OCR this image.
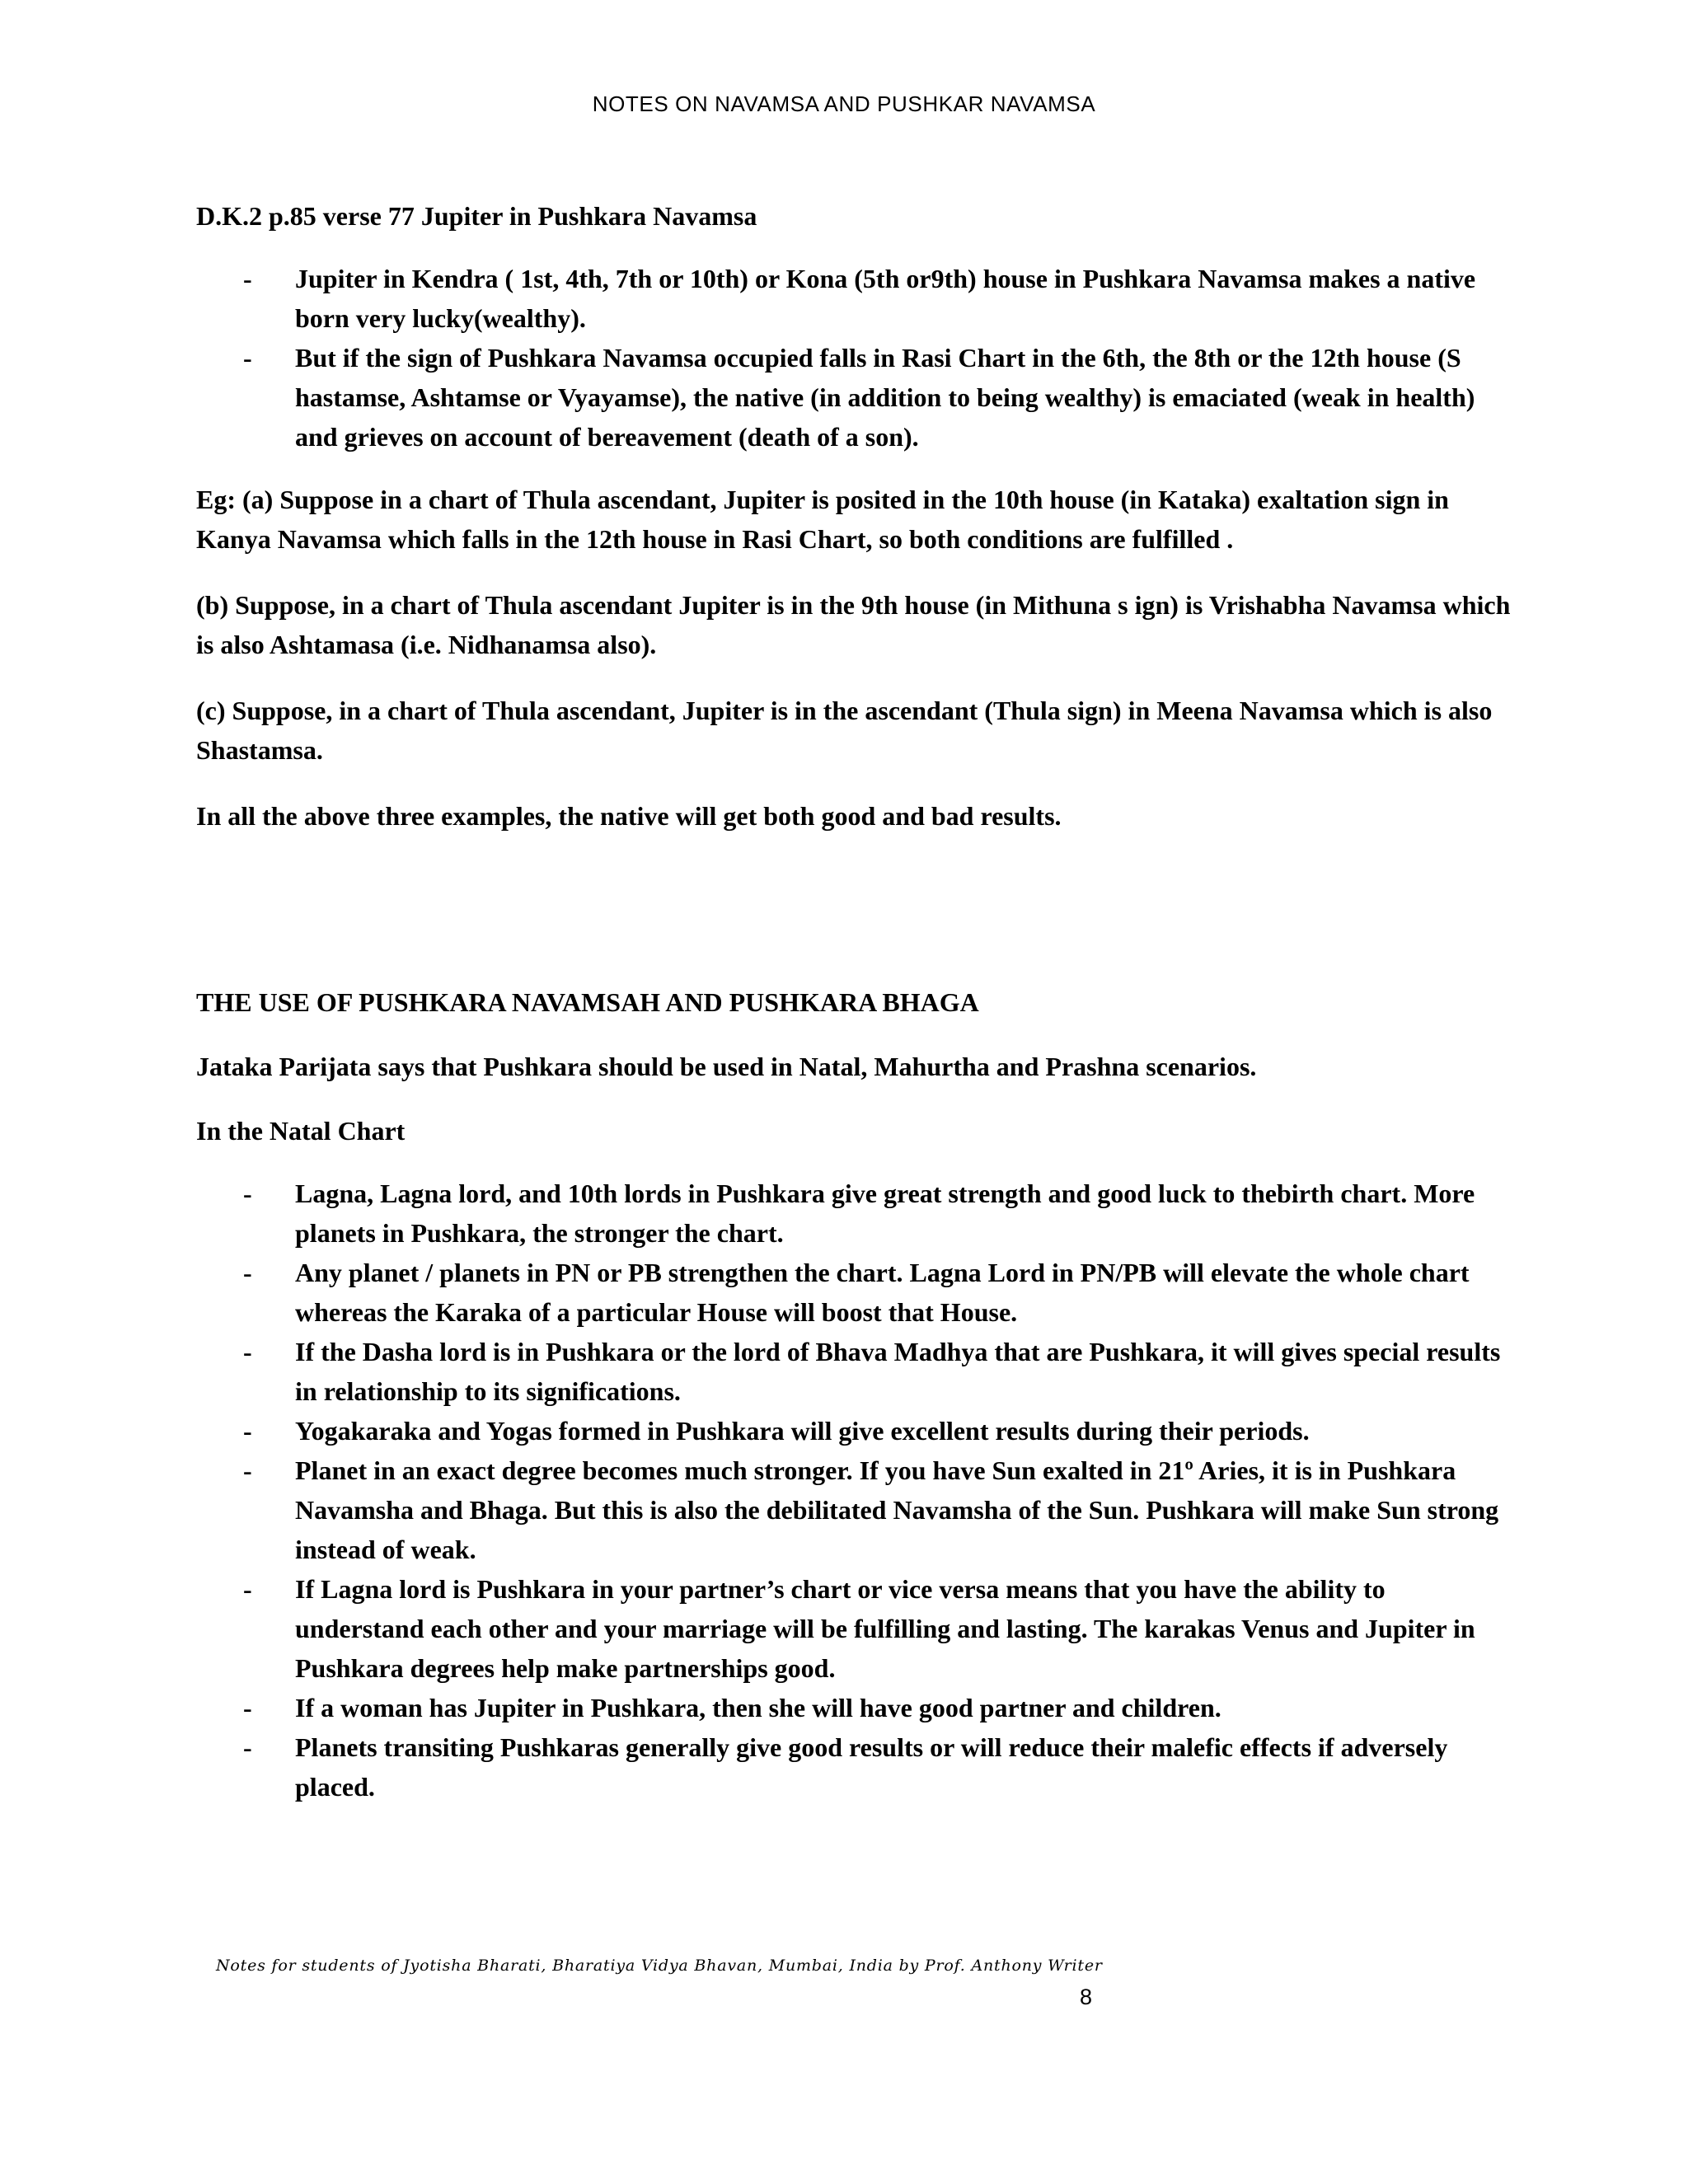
NOTES ON NAVAMSA AND PUSHKAR NAVAMSA

D.K.2 p.85 verse 77 Jupiter in Pushkara Navamsa

- Jupiter in Kendra ( 1st, 4th, 7th or 10th) or Kona (5th or9th) house in Pushkara Navamsa makes a native born very lucky(wealthy).
- But if the sign of Pushkara Navamsa occupied falls in Rasi Chart in the 6th, the 8th or the 12th house (S hastamse, Ashtamse or Vyayamse), the native (in addition to being wealthy) is emaciated (weak in health) and grieves on account of bereavement (death of a son).

Eg: (a) Suppose in a chart of Thula ascendant, Jupiter is posited in the 10th house (in Kataka) exaltation sign in Kanya Navamsa which falls in the 12th house in Rasi Chart, so both conditions are fulfilled .

(b) Suppose, in a chart of Thula ascendant Jupiter is in the 9th house (in Mithuna s ign) is Vrishabha Navamsa which is also Ashtamasa (i.e. Nidhanamsa also).

(c) Suppose, in a chart of Thula ascendant, Jupiter is in the ascendant (Thula sign) in Meena Navamsa which is also Shastamsa.

In all the above three examples, the native will get both good and bad results.

THE USE OF PUSHKARA NAVAMSAH AND PUSHKARA BHAGA

Jataka Parijata says that Pushkara should be used in Natal, Mahurtha and Prashna scenarios.

In the Natal Chart

- Lagna, Lagna lord, and 10th lords in Pushkara give great strength and good luck to thebirth chart. More planets in Pushkara, the stronger the chart.
- Any planet / planets in PN or PB strengthen the chart. Lagna Lord in PN/PB will elevate the whole chart whereas the Karaka of a particular House will boost that House.
- If the Dasha lord is in Pushkara or the lord of Bhava Madhya that are Pushkara, it will gives special results in relationship to its significations.
- Yogakaraka and Yogas formed in Pushkara will give excellent results during their periods.
- Planet in an exact degree becomes much stronger. If you have Sun exalted in 21º Aries, it is in Pushkara Navamsha and Bhaga. But this is also the debilitated Navamsha of the Sun. Pushkara will make Sun strong instead of weak.
- If Lagna lord is Pushkara in your partner’s chart or vice versa means that you have the ability to understand each other and your marriage will be fulfilling and lasting. The karakas Venus and Jupiter in Pushkara degrees help make partnerships good.
- If a woman has Jupiter in Pushkara, then she will have good partner and children.
- Planets transiting Pushkaras generally give good results or will reduce their malefic effects if adversely placed.
Notes for students of Jyotisha Bharati, Bharatiya Vidya Bhavan, Mumbai, India by Prof. Anthony Writer
8
